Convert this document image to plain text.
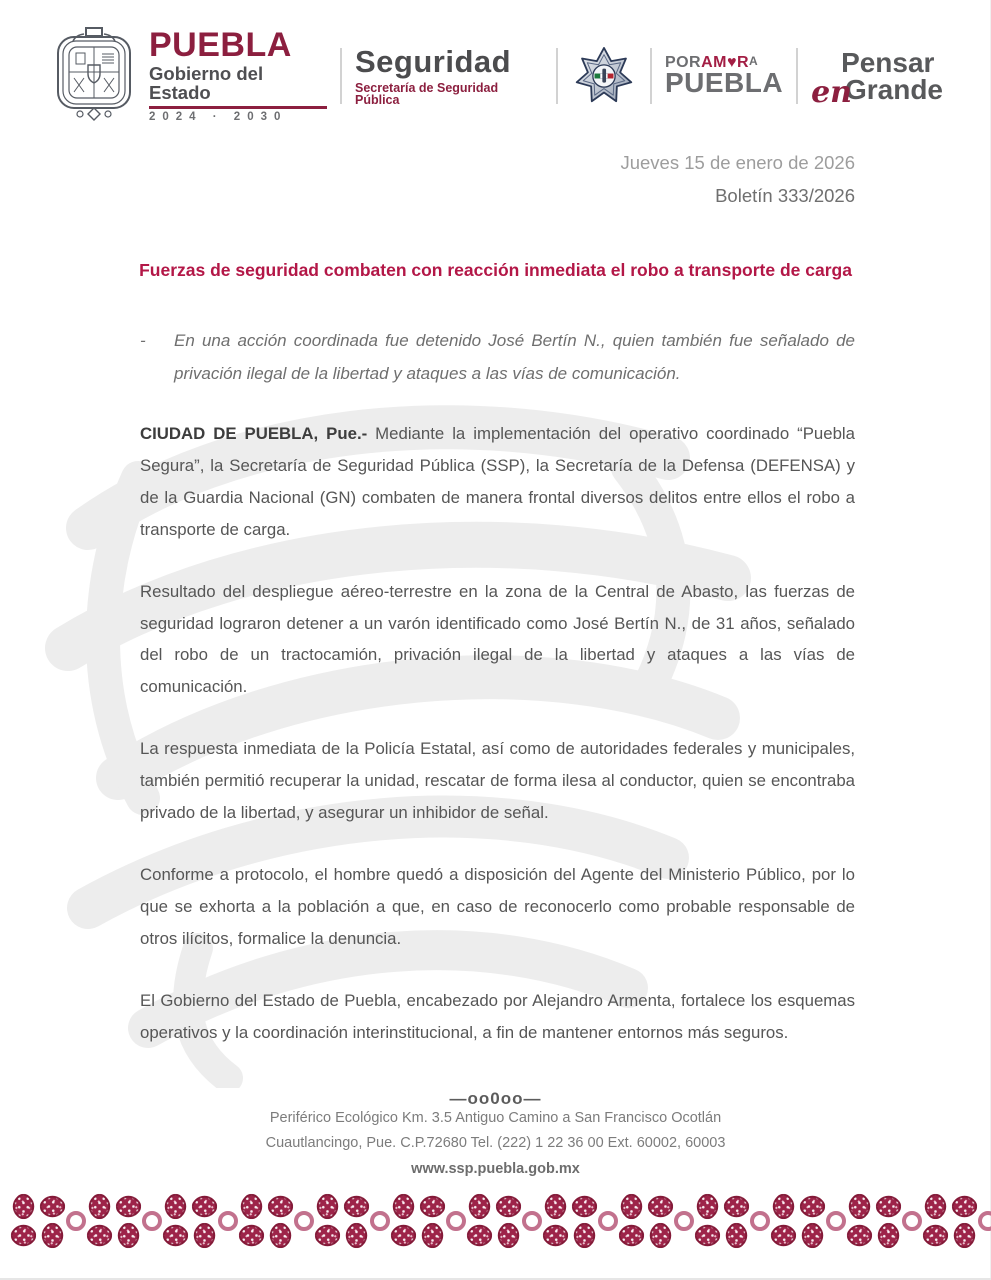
PUEBLA
Gobierno del Estado
2024 · 2030
Seguridad
Secretaría de Seguridad Pública
PORAM♥RA
PUEBLA
Pensar
en
Grande
Jueves 15 de enero de 2026
Boletín 333/2026
Fuerzas de seguridad combaten con reacción inmediata el robo a transporte de carga
-	En una acción coordinada fue detenido José Bertín N., quien también fue señalado de privación ilegal de la libertad y ataques a las vías de comunicación.

CIUDAD DE PUEBLA, Pue.- Mediante la implementación del operativo coordinado “Puebla Segura”, la Secretaría de Seguridad Pública (SSP), la Secretaría de la Defensa (DEFENSA) y de la Guardia Nacional (GN) combaten de manera frontal diversos delitos entre ellos el robo a transporte de carga.

Resultado del despliegue aéreo-terrestre en la zona de la Central de Abasto, las fuerzas de seguridad lograron detener a un varón identificado como José Bertín N., de 31 años, señalado del robo de un tractocamión, privación ilegal de la libertad y ataques a las vías de comunicación.

La respuesta inmediata de la Policía Estatal, así como de autoridades federales y municipales, también permitió recuperar la unidad, rescatar de forma ilesa al conductor, quien se encontraba privado de la libertad, y asegurar un inhibidor de señal.

Conforme a protocolo, el hombre quedó a disposición del Agente del Ministerio Público, por lo que se exhorta a la población a que, en caso de reconocerlo como probable responsable de otros ilícitos, formalice la denuncia.

El Gobierno del Estado de Puebla, encabezado por Alejandro Armenta, fortalece los esquemas operativos y la coordinación interinstitucional, a fin de mantener entornos más seguros.

—oo0oo—
Periférico Ecológico Km. 3.5 Antiguo Camino a San Francisco Ocotlán
Cuautlancingo, Pue. C.P.72680 Tel. (222) 1 22 36 00 Ext. 60002, 60003
www.ssp.puebla.gob.mx
